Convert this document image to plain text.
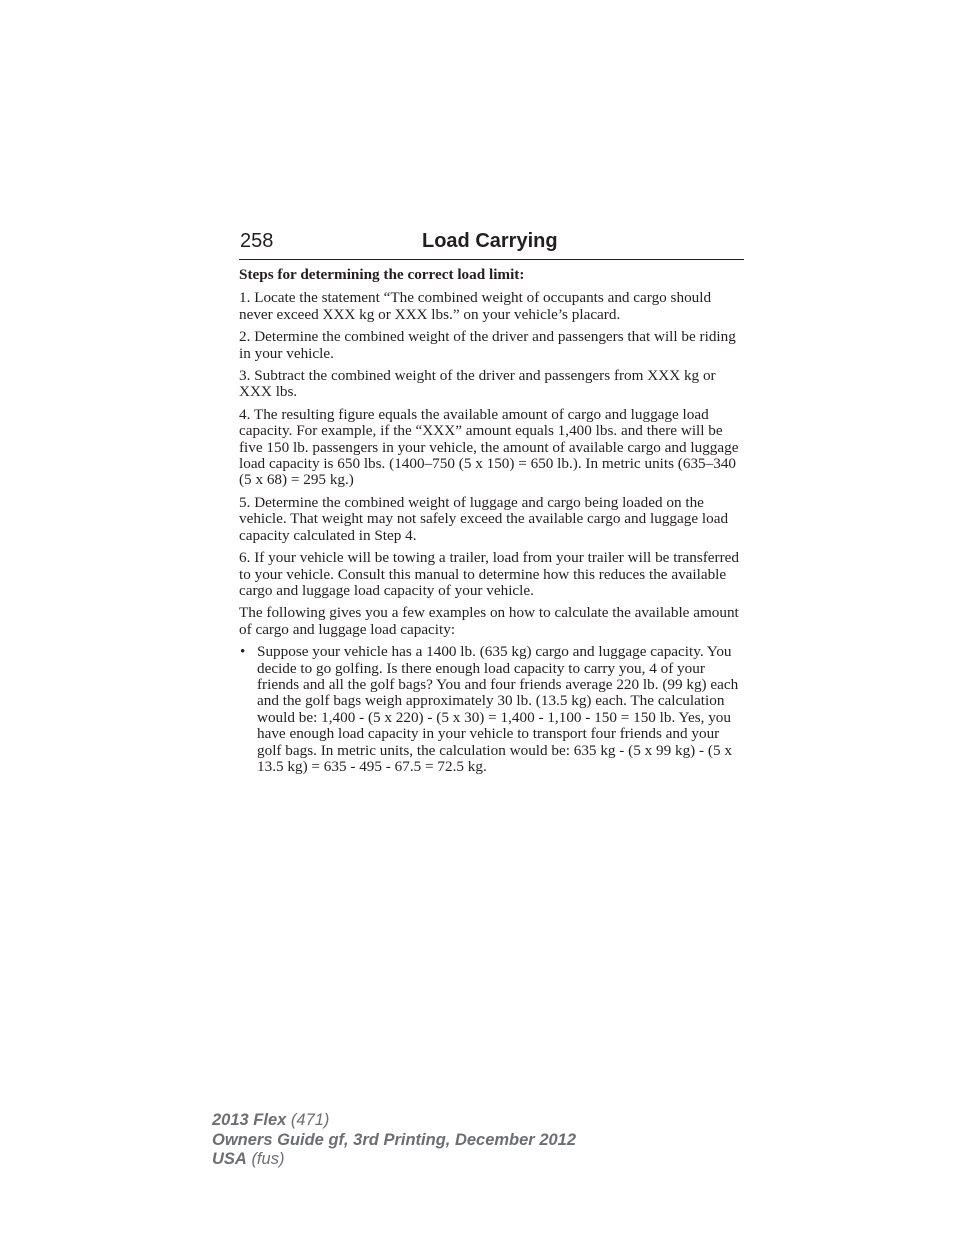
258	Load Carrying

Steps for determining the correct load limit:

1. Locate the statement “The combined weight of occupants and cargo should never exceed XXX kg or XXX lbs.” on your vehicle’s placard.

2. Determine the combined weight of the driver and passengers that will be riding in your vehicle.

3. Subtract the combined weight of the driver and passengers from XXX kg or XXX lbs.

4. The resulting figure equals the available amount of cargo and luggage load capacity. For example, if the “XXX” amount equals 1,400 lbs. and there will be five 150 lb. passengers in your vehicle, the amount of available cargo and luggage load capacity is 650 lbs. (1400–750 (5 x 150) = 650 lb.). In metric units (635–340 (5 x 68) = 295 kg.)

5. Determine the combined weight of luggage and cargo being loaded on the vehicle. That weight may not safely exceed the available cargo and luggage load capacity calculated in Step 4.

6. If your vehicle will be towing a trailer, load from your trailer will be transferred to your vehicle. Consult this manual to determine how this reduces the available cargo and luggage load capacity of your vehicle.

The following gives you a few examples on how to calculate the available amount of cargo and luggage load capacity:

• Suppose your vehicle has a 1400 lb. (635 kg) cargo and luggage capacity. You decide to go golfing. Is there enough load capacity to carry you, 4 of your friends and all the golf bags? You and four friends average 220 lb. (99 kg) each and the golf bags weigh approximately 30 lb. (13.5 kg) each. The calculation would be: 1,400 - (5 x 220) - (5 x 30) = 1,400 - 1,100 - 150 = 150 lb. Yes, you have enough load capacity in your vehicle to transport four friends and your golf bags. In metric units, the calculation would be: 635 kg - (5 x 99 kg) - (5 x 13.5 kg) = 635 - 495 - 67.5 = 72.5 kg.
2013 Flex (471)
Owners Guide gf, 3rd Printing, December 2012
USA (fus)
